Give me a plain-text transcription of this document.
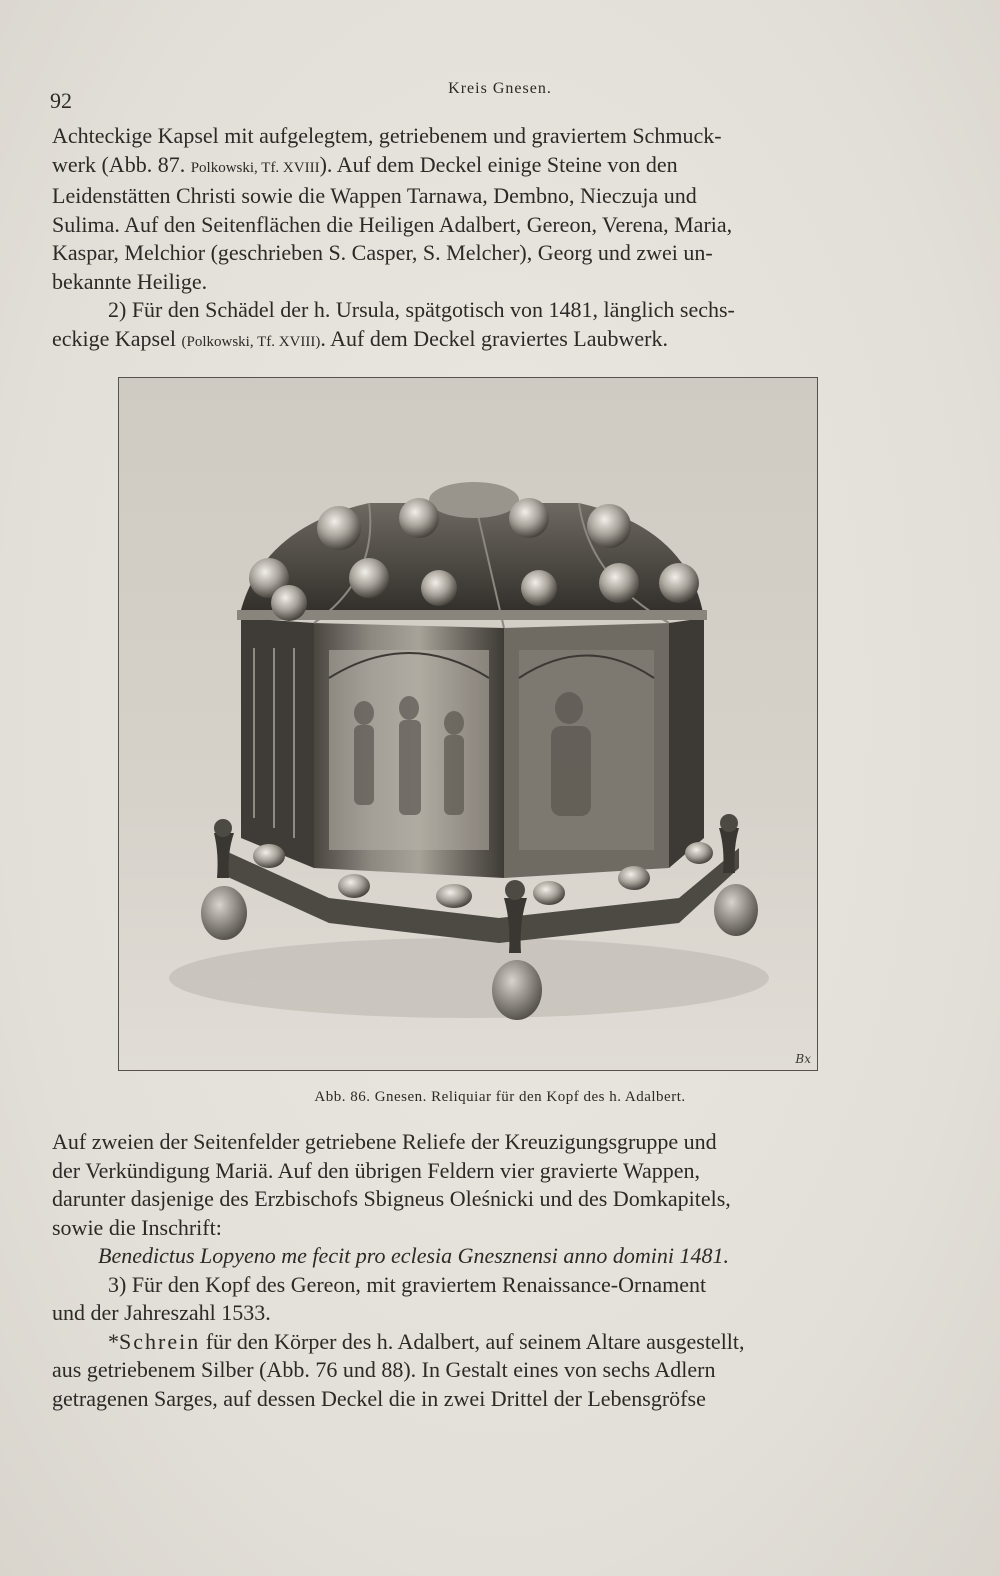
92	Kreis Gnesen.
Achteckige Kapsel mit aufgelegtem, getriebenem und graviertem Schmuck-
werk (Abb. 87. Polkowski, Tf. XVIII). Auf dem Deckel einige Steine von den
Leidenstätten Christi sowie die Wappen Tarnawa, Dembno, Nieczuja und
Sulima. Auf den Seitenflächen die Heiligen Adalbert, Gereon, Verena, Maria,
Kaspar, Melchior (geschrieben S. Casper, S. Melcher), Georg und zwei un-
bekannte Heilige.
2) Für den Schädel der h. Ursula, spätgotisch von 1481, länglich sechs-
eckige Kapsel (Polkowski, Tf. XVIII). Auf dem Deckel graviertes Laubwerk.
Bx
Abb. 86. Gnesen. Reliquiar für den Kopf des h. Adalbert.
Auf zweien der Seitenfelder getriebene Reliefe der Kreuzigungsgruppe und
der Verkündigung Mariä. Auf den übrigen Feldern vier gravierte Wappen,
darunter dasjenige des Erzbischofs Sbigneus Oleśnicki und des Domkapitels,
sowie die Inschrift:
Benedictus Lopyeno me fecit pro eclesia Gnesznensi anno domini 1481.
3) Für den Kopf des Gereon, mit graviertem Renaissance-Ornament
und der Jahreszahl 1533.
*Schrein für den Körper des h. Adalbert, auf seinem Altare ausgestellt,
aus getriebenem Silber (Abb. 76 und 88). In Gestalt eines von sechs Adlern
getragenen Sarges, auf dessen Deckel die in zwei Drittel der Lebensgröfse
